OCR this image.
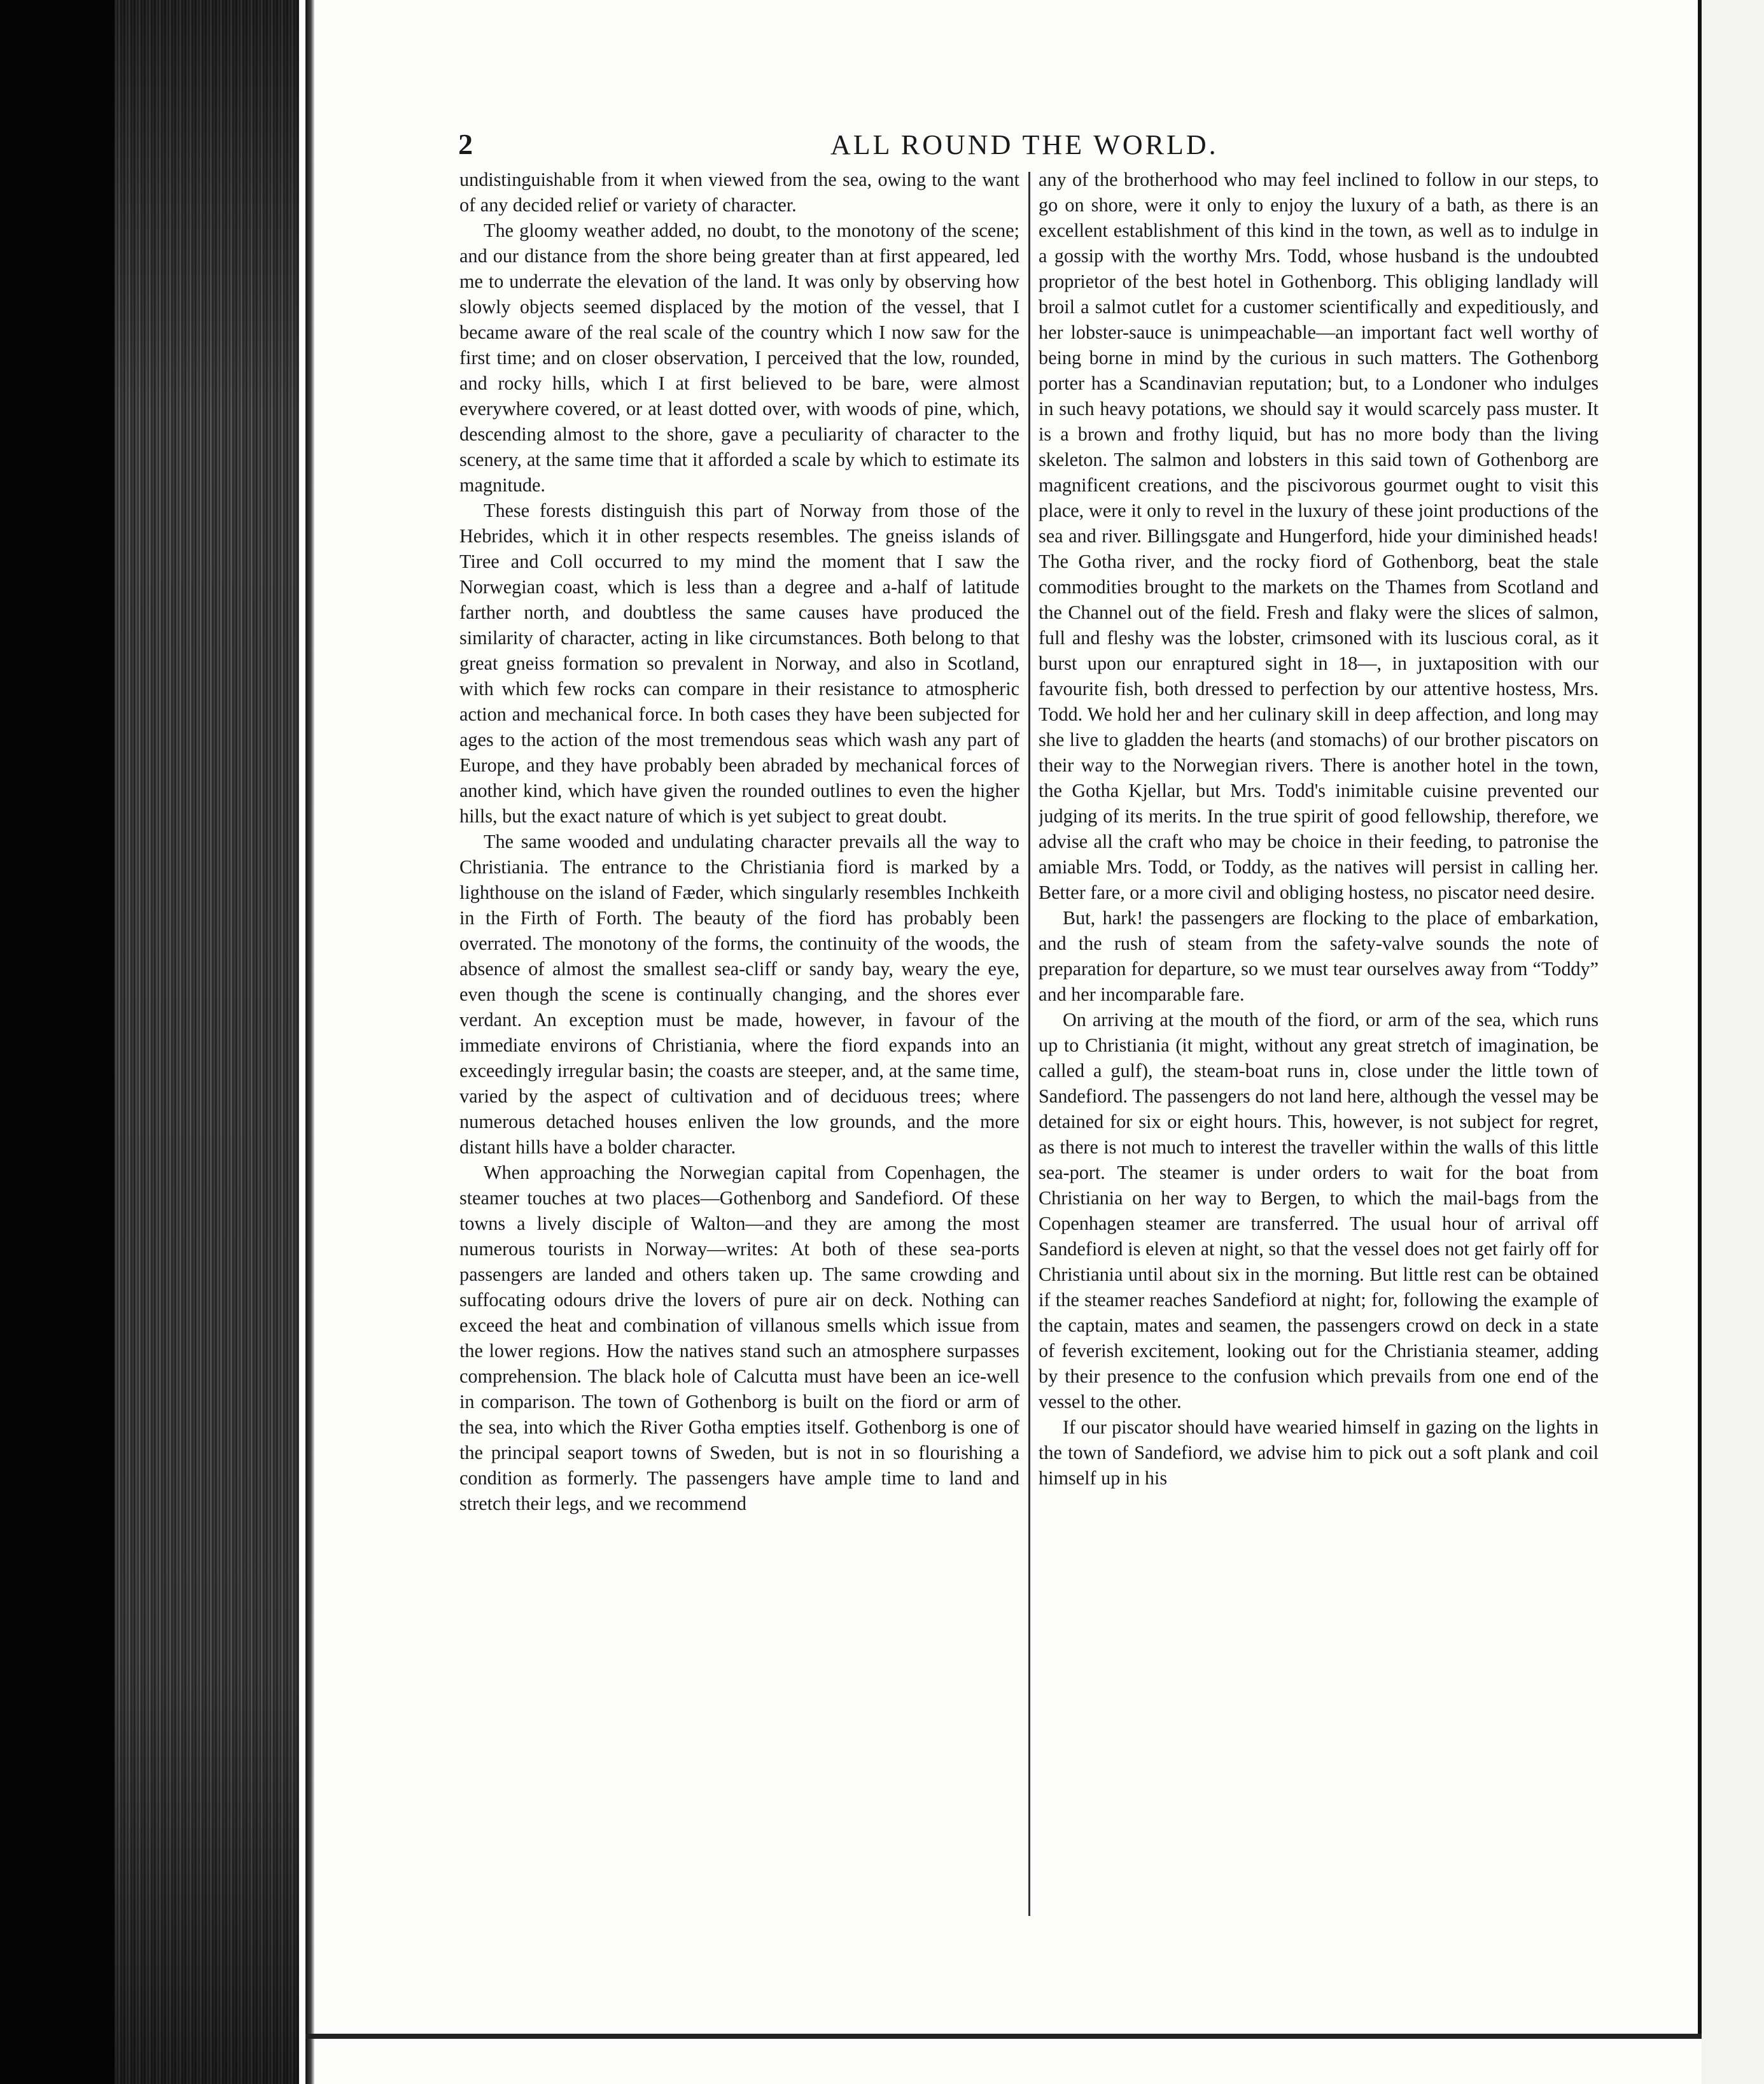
2	ALL ROUND THE WORLD.

undistinguishable from it when viewed from the sea, owing to the want of any decided relief or variety of character.

The gloomy weather added, no doubt, to the monotony of the scene; and our distance from the shore being greater than at first appeared, led me to underrate the elevation of the land. It was only by observing how slowly objects seemed displaced by the motion of the vessel, that I became aware of the real scale of the country which I now saw for the first time; and on closer observation, I perceived that the low, rounded, and rocky hills, which I at first believed to be bare, were almost everywhere covered, or at least dotted over, with woods of pine, which, descending almost to the shore, gave a peculiarity of character to the scenery, at the same time that it afforded a scale by which to estimate its magnitude.

These forests distinguish this part of Norway from those of the Hebrides, which it in other respects resembles. The gneiss islands of Tiree and Coll occurred to my mind the moment that I saw the Norwegian coast, which is less than a degree and a-half of latitude farther north, and doubtless the same causes have produced the similarity of character, acting in like circumstances. Both belong to that great gneiss formation so prevalent in Norway, and also in Scotland, with which few rocks can compare in their resistance to atmospheric action and mechanical force. In both cases they have been subjected for ages to the action of the most tremendous seas which wash any part of Europe, and they have probably been abraded by mechanical forces of another kind, which have given the rounded outlines to even the higher hills, but the exact nature of which is yet subject to great doubt.

The same wooded and undulating character prevails all the way to Christiania. The entrance to the Christiania fiord is marked by a lighthouse on the island of Fæder, which singularly resembles Inchkeith in the Firth of Forth. The beauty of the fiord has probably been overrated. The monotony of the forms, the continuity of the woods, the absence of almost the smallest sea-cliff or sandy bay, weary the eye, even though the scene is continually changing, and the shores ever verdant. An exception must be made, however, in favour of the immediate environs of Christiania, where the fiord expands into an exceedingly irregular basin; the coasts are steeper, and, at the same time, varied by the aspect of cultivation and of deciduous trees; where numerous detached houses enliven the low grounds, and the more distant hills have a bolder character.

When approaching the Norwegian capital from Copenhagen, the steamer touches at two places—Gothenborg and Sandefiord. Of these towns a lively disciple of Walton—and they are among the most numerous tourists in Norway—writes: At both of these sea-ports passengers are landed and others taken up. The same crowding and suffocating odours drive the lovers of pure air on deck. Nothing can exceed the heat and combination of villanous smells which issue from the lower regions. How the natives stand such an atmosphere surpasses comprehension. The black hole of Calcutta must have been an ice-well in comparison. The town of Gothenborg is built on the fiord or arm of the sea, into which the River Gotha empties itself. Gothenborg is one of the principal seaport towns of Sweden, but is not in so flourishing a condition as formerly. The passengers have ample time to land and stretch their legs, and we recommend

any of the brotherhood who may feel inclined to follow in our steps, to go on shore, were it only to enjoy the luxury of a bath, as there is an excellent establishment of this kind in the town, as well as to indulge in a gossip with the worthy Mrs. Todd, whose husband is the undoubted proprietor of the best hotel in Gothenborg. This obliging landlady will broil a salmot cutlet for a customer scientifically and expeditiously, and her lobster-sauce is unimpeachable—an important fact well worthy of being borne in mind by the curious in such matters. The Gothenborg porter has a Scandinavian reputation; but, to a Londoner who indulges in such heavy potations, we should say it would scarcely pass muster. It is a brown and frothy liquid, but has no more body than the living skeleton. The salmon and lobsters in this said town of Gothenborg are magnificent creations, and the piscivorous gourmet ought to visit this place, were it only to revel in the luxury of these joint productions of the sea and river. Billingsgate and Hungerford, hide your diminished heads! The Gotha river, and the rocky fiord of Gothenborg, beat the stale commodities brought to the markets on the Thames from Scotland and the Channel out of the field. Fresh and flaky were the slices of salmon, full and fleshy was the lobster, crimsoned with its luscious coral, as it burst upon our enraptured sight in 18—, in juxtaposition with our favourite fish, both dressed to perfection by our attentive hostess, Mrs. Todd. We hold her and her culinary skill in deep affection, and long may she live to gladden the hearts (and stomachs) of our brother piscators on their way to the Norwegian rivers. There is another hotel in the town, the Gotha Kjellar, but Mrs. Todd's inimitable cuisine prevented our judging of its merits. In the true spirit of good fellowship, therefore, we advise all the craft who may be choice in their feeding, to patronise the amiable Mrs. Todd, or Toddy, as the natives will persist in calling her. Better fare, or a more civil and obliging hostess, no piscator need desire.

But, hark! the passengers are flocking to the place of embarkation, and the rush of steam from the safety-valve sounds the note of preparation for departure, so we must tear ourselves away from “Toddy” and her incomparable fare.

On arriving at the mouth of the fiord, or arm of the sea, which runs up to Christiania (it might, without any great stretch of imagination, be called a gulf), the steam-boat runs in, close under the little town of Sandefiord. The passengers do not land here, although the vessel may be detained for six or eight hours. This, however, is not subject for regret, as there is not much to interest the traveller within the walls of this little sea-port. The steamer is under orders to wait for the boat from Christiania on her way to Bergen, to which the mail-bags from the Copenhagen steamer are transferred. The usual hour of arrival off Sandefiord is eleven at night, so that the vessel does not get fairly off for Christiania until about six in the morning. But little rest can be obtained if the steamer reaches Sandefiord at night; for, following the example of the captain, mates and seamen, the passengers crowd on deck in a state of feverish excitement, looking out for the Christiania steamer, adding by their presence to the confusion which prevails from one end of the vessel to the other.

If our piscator should have wearied himself in gazing on the lights in the town of Sandefiord, we advise him to pick out a soft plank and coil himself up in his
